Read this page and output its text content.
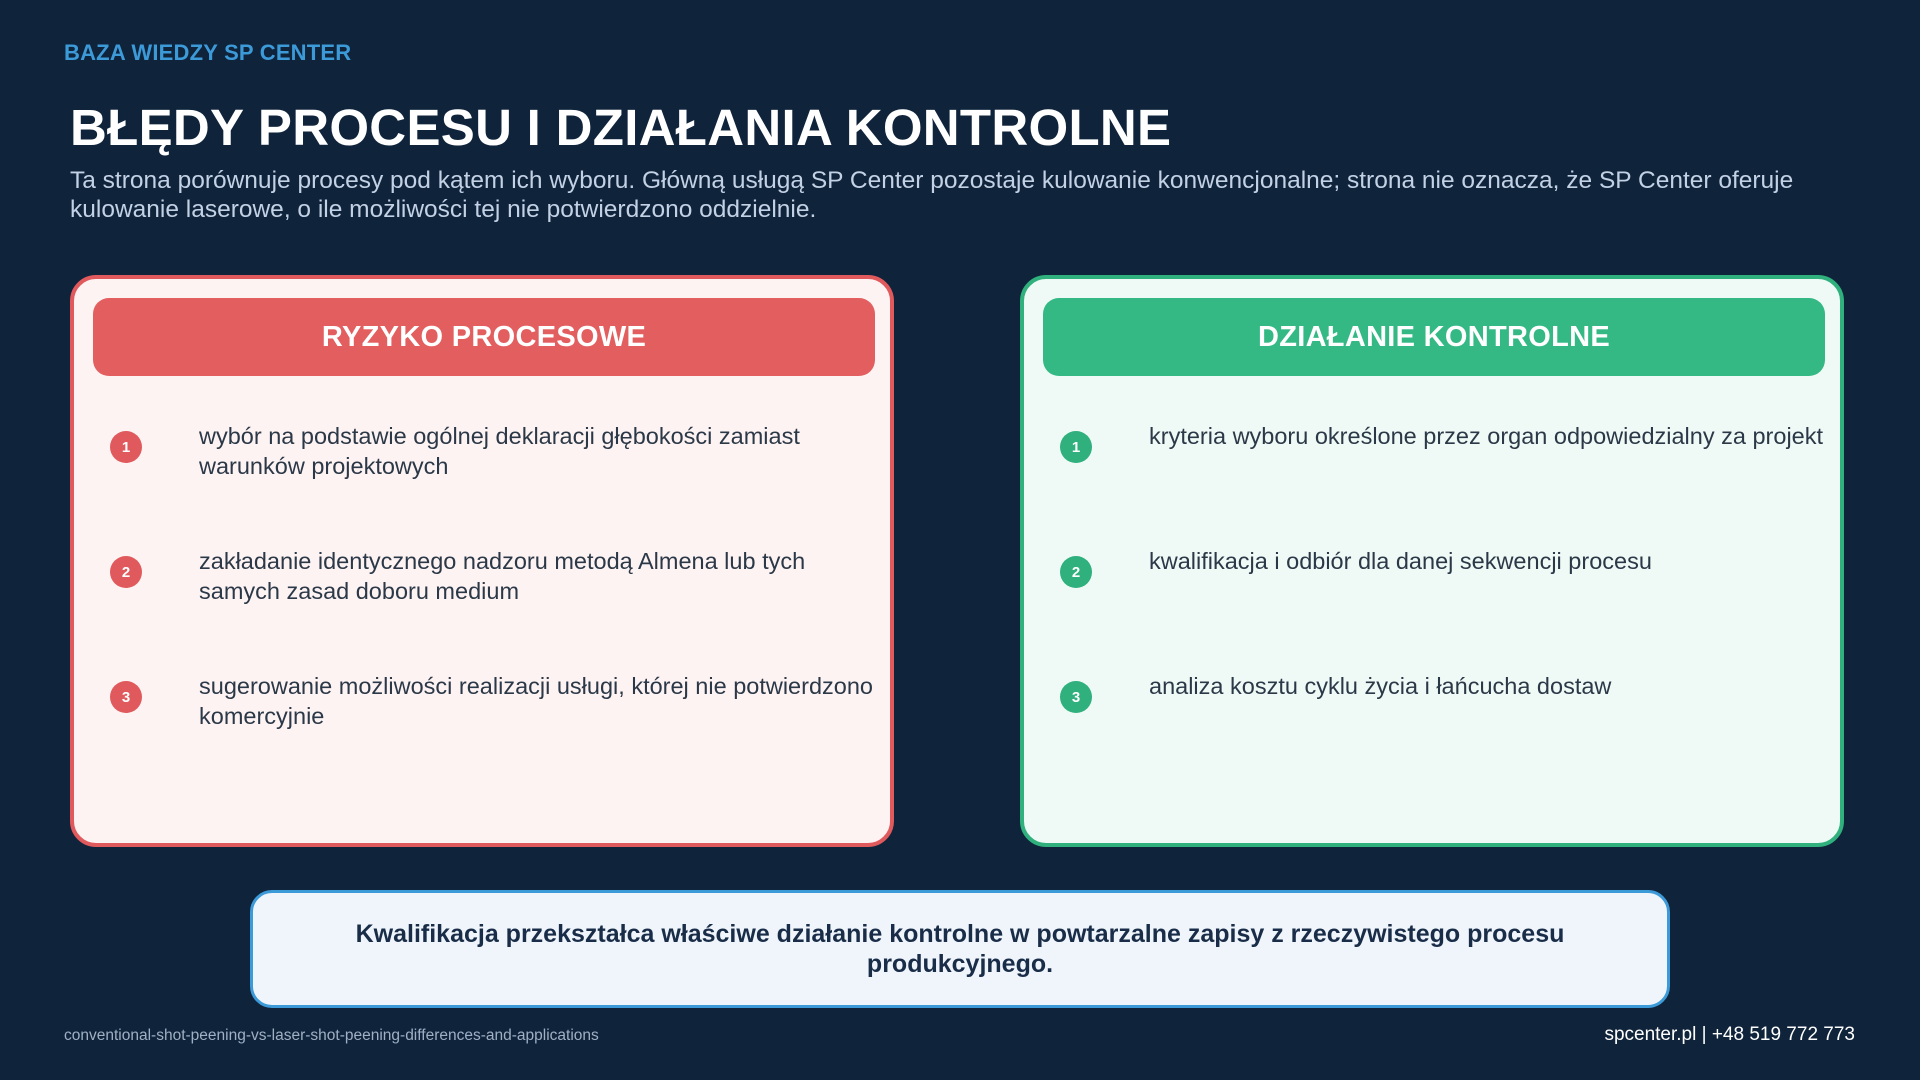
BAZA WIEDZY SP CENTER
BŁĘDY PROCESU I DZIAŁANIA KONTROLNE
Ta strona porównuje procesy pod kątem ich wyboru. Główną usługą SP Center pozostaje kulowanie konwencjonalne; strona nie oznacza, że SP Center oferuje kulowanie laserowe, o ile możliwości tej nie potwierdzono oddzielnie.
RYZYKO PROCESOWE
1	wybór na podstawie ogólnej deklaracji głębokości zamiast warunków projektowych
2	zakładanie identycznego nadzoru metodą Almena lub tych samych zasad doboru medium
3	sugerowanie możliwości realizacji usługi, której nie potwierdzono komercyjnie
DZIAŁANIE KONTROLNE
1	kryteria wyboru określone przez organ odpowiedzialny za projekt
2	kwalifikacja i odbiór dla danej sekwencji procesu
3	analiza kosztu cyklu życia i łańcucha dostaw
Kwalifikacja przekształca właściwe działanie kontrolne w powtarzalne zapisy z rzeczywistego procesu produkcyjnego.
conventional-shot-peening-vs-laser-shot-peening-differences-and-applications	spcenter.pl | +48 519 772 773
